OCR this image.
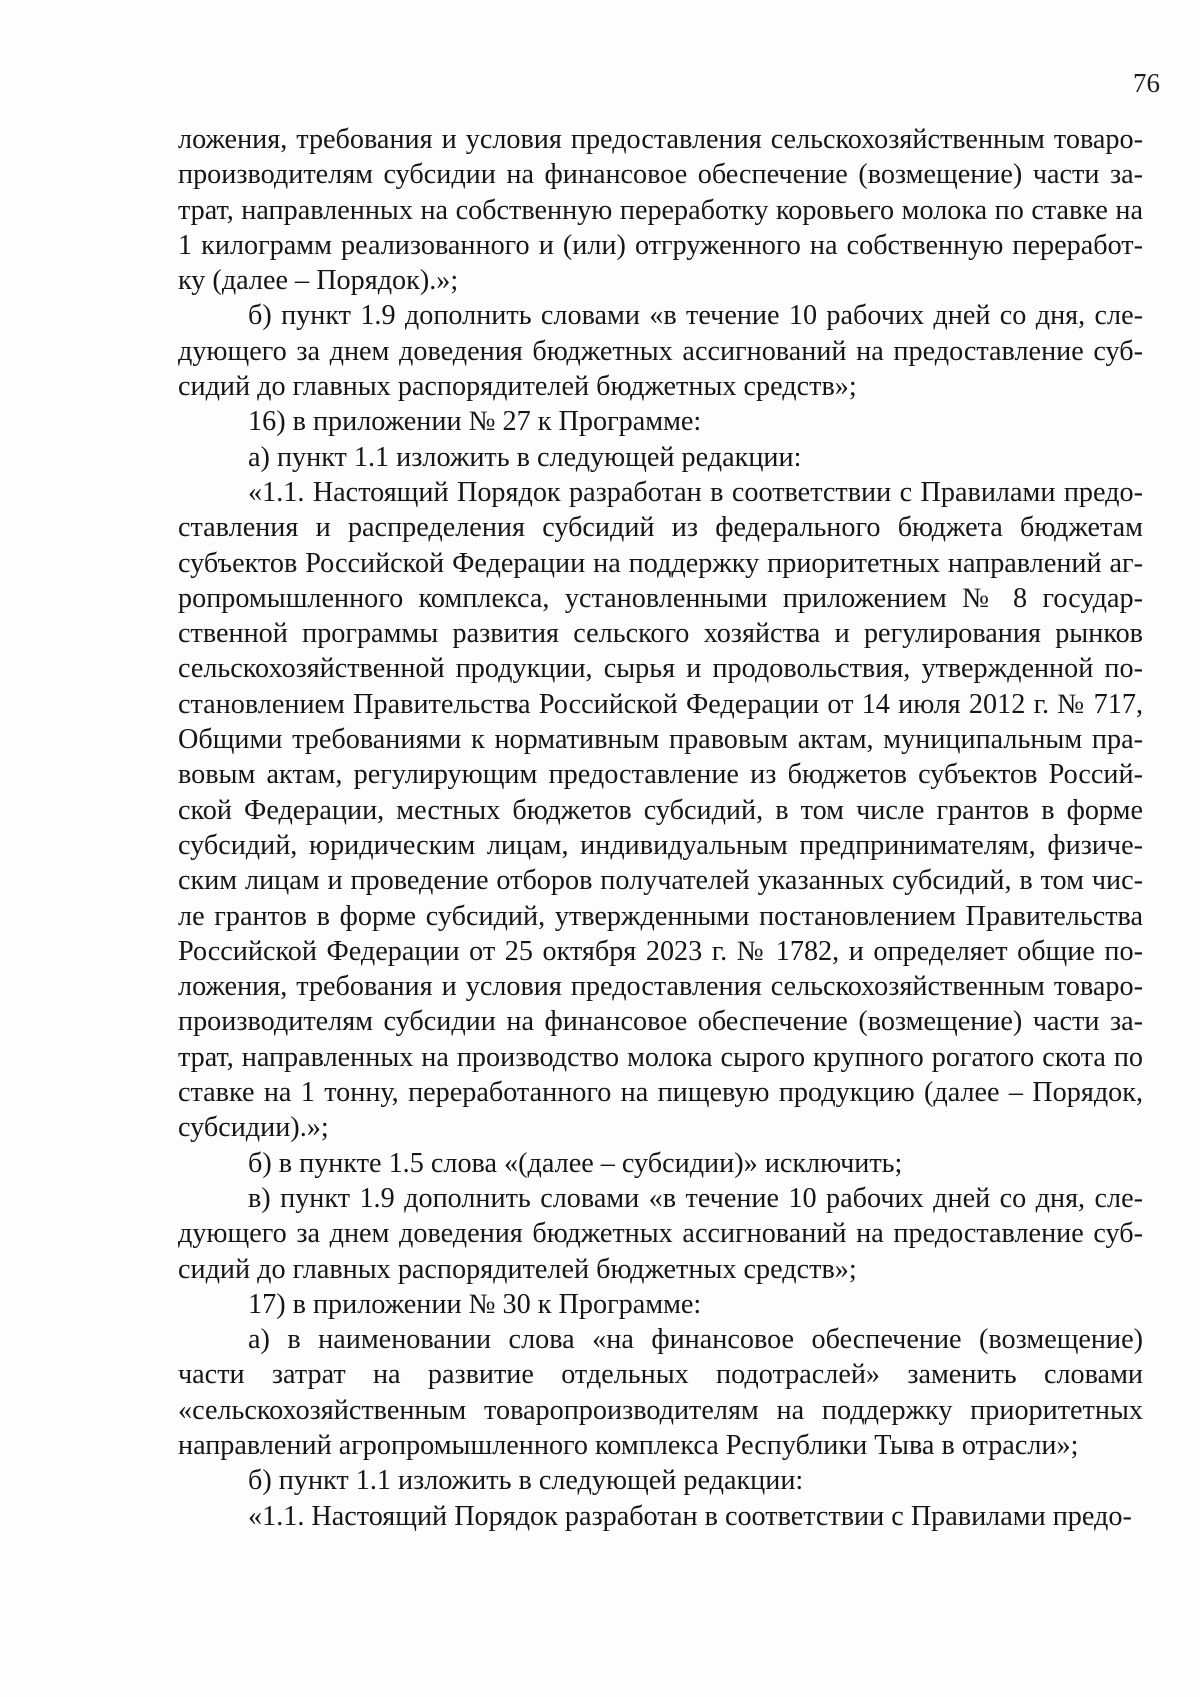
76

ложения, требования и условия предоставления сельскохозяйственным товаропроизводителям субсидии на финансовое обеспечение (возмещение) части затрат, направленных на собственную переработку коровьего молока по ставке на 1 килограмм реализованного и (или) отгруженного на собственную переработку (далее – Порядок).»;

б) пункт 1.9 дополнить словами «в течение 10 рабочих дней со дня, следующего за днем доведения бюджетных ассигнований на предоставление субсидий до главных распорядителей бюджетных средств»;

16) в приложении № 27 к Программе:

а) пункт 1.1 изложить в следующей редакции:

«1.1. Настоящий Порядок разработан в соответствии с Правилами предоставления и распределения субсидий из федерального бюджета бюджетам субъектов Российской Федерации на поддержку приоритетных направлений агропромышленного комплекса, установленными приложением № 8 государственной программы развития сельского хозяйства и регулирования рынков сельскохозяйственной продукции, сырья и продовольствия, утвержденной постановлением Правительства Российской Федерации от 14 июля 2012 г. № 717, Общими требованиями к нормативным правовым актам, муниципальным правовым актам, регулирующим предоставление из бюджетов субъектов Российской Федерации, местных бюджетов субсидий, в том числе грантов в форме субсидий, юридическим лицам, индивидуальным предпринимателям, физическим лицам и проведение отборов получателей указанных субсидий, в том числе грантов в форме субсидий, утвержденными постановлением Правительства Российской Федерации от 25 октября 2023 г. № 1782, и определяет общие положения, требования и условия предоставления сельскохозяйственным товаропроизводителям субсидии на финансовое обеспечение (возмещение) части затрат, направленных на производство молока сырого крупного рогатого скота по ставке на 1 тонну, переработанного на пищевую продукцию (далее – Порядок, субсидии).»;

б) в пункте 1.5 слова «(далее – субсидии)» исключить;

в) пункт 1.9 дополнить словами «в течение 10 рабочих дней со дня, следующего за днем доведения бюджетных ассигнований на предоставление субсидий до главных распорядителей бюджетных средств»;

17) в приложении № 30 к Программе:

а) в наименовании слова «на финансовое обеспечение (возмещение) части затрат на развитие отдельных подотраслей» заменить словами «сельскохозяйственным товаропроизводителям на поддержку приоритетных направлений агропромышленного комплекса Республики Тыва в отрасли»;

б) пункт 1.1 изложить в следующей редакции:

«1.1. Настоящий Порядок разработан в соответствии с Правилами предо-
